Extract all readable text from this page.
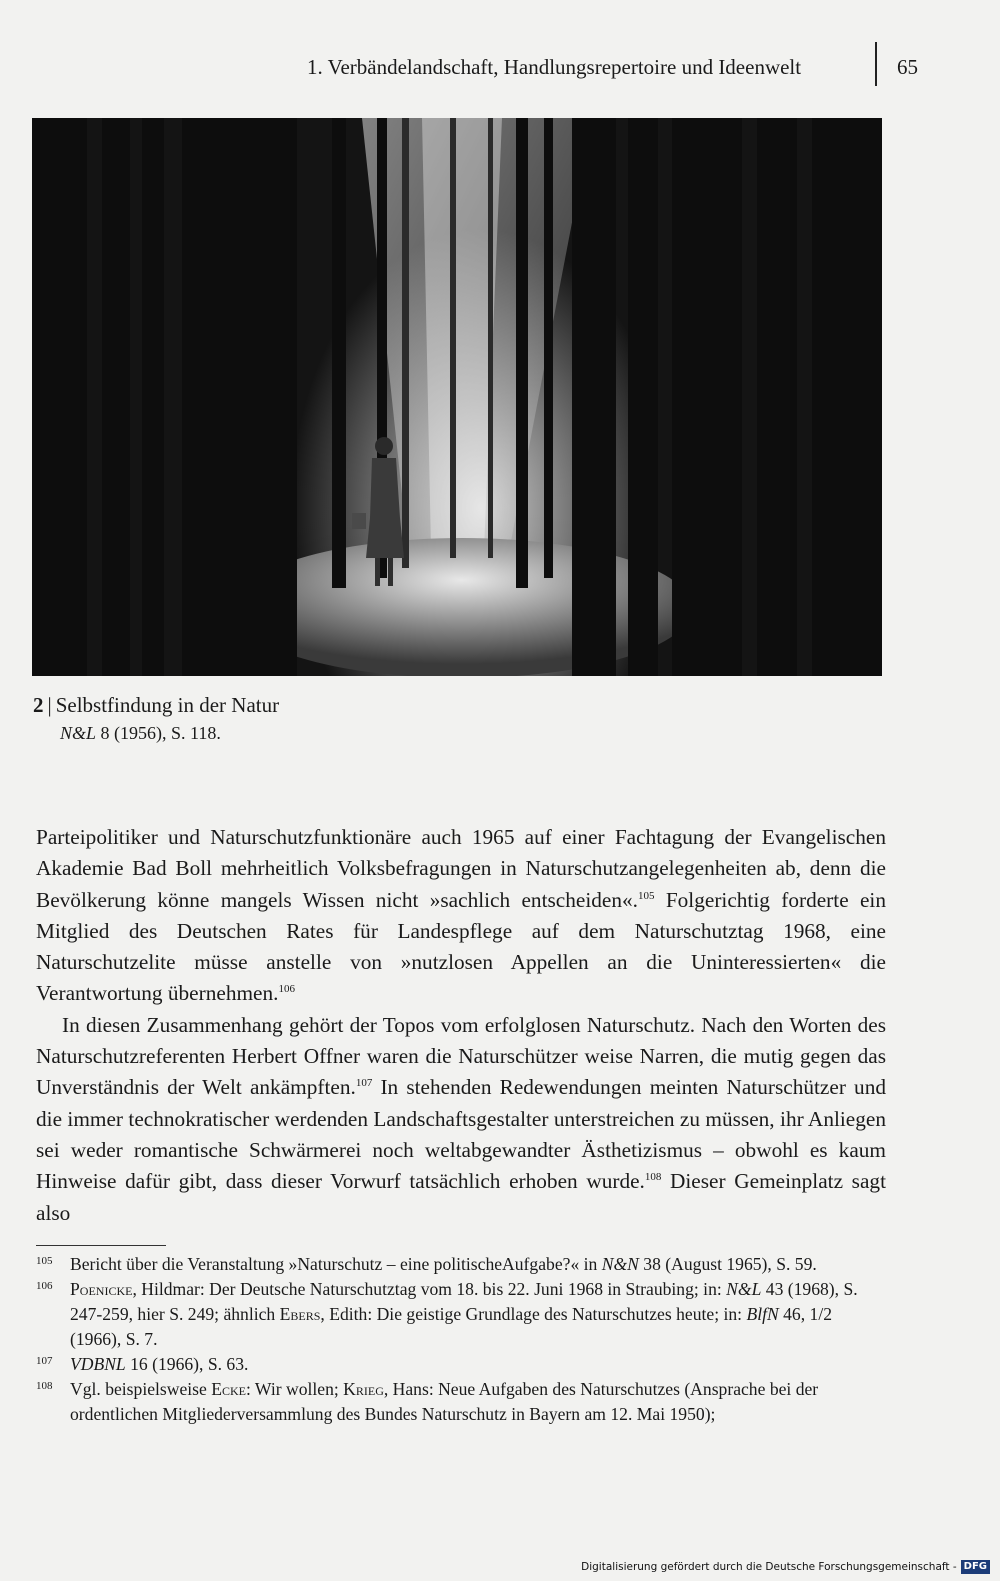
1. Verbändelandschaft, Handlungsrepertoire und Ideenwelt	65
2 | Selbstfindung in der Natur
N&L 8 (1956), S. 118.

Parteipolitiker und Naturschutzfunktionäre auch 1965 auf einer Fachtagung der Evangelischen Akademie Bad Boll mehrheitlich Volksbefragungen in Naturschutzangelegenheiten ab, denn die Bevölkerung könne mangels Wissen nicht »sachlich entscheiden«.$^{105}$ Folgerichtig forderte ein Mitglied des Deutschen Rates für Landespflege auf dem Naturschutztag 1968, eine Naturschutzelite müsse anstelle von »nutzlosen Appellen an die Uninteressierten« die Verantwortung übernehmen.$^{106}$

In diesen Zusammenhang gehört der Topos vom erfolglosen Naturschutz. Nach den Worten des Naturschutzreferenten Herbert Offner waren die Naturschützer weise Narren, die mutig gegen das Unverständnis der Welt ankämpften.$^{107}$ In stehenden Redewendungen meinten Naturschützer und die immer technokratischer werdenden Landschaftsgestalter unterstreichen zu müssen, ihr Anliegen sei weder romantische Schwärmerei noch weltabgewandter Ästhetizismus – obwohl es kaum Hinweise dafür gibt, dass dieser Vorwurf tatsächlich erhoben wurde.$^{108}$ Dieser Gemeinplatz sagt also

105 Bericht über die Veranstaltung »Naturschutz – eine politischeAufgabe?« in N&N 38 (August 1965), S. 59.
106 Poenicke, Hildmar: Der Deutsche Naturschutztag vom 18. bis 22. Juni 1968 in Straubing; in: N&L 43 (1968), S. 247-259, hier S. 249; ähnlich Ebers, Edith: Die geistige Grundlage des Naturschutzes heute; in: BlfN 46, 1/2 (1966), S. 7.
107 VDBNL 16 (1966), S. 63.
108 Vgl. beispielsweise Ecke: Wir wollen; Krieg, Hans: Neue Aufgaben des Naturschutzes (Ansprache bei der ordentlichen Mitgliederversammlung des Bundes Naturschutz in Bayern am 12. Mai 1950);
Digitalisierung gefördert durch die Deutsche Forschungsgemeinschaft - DFG
